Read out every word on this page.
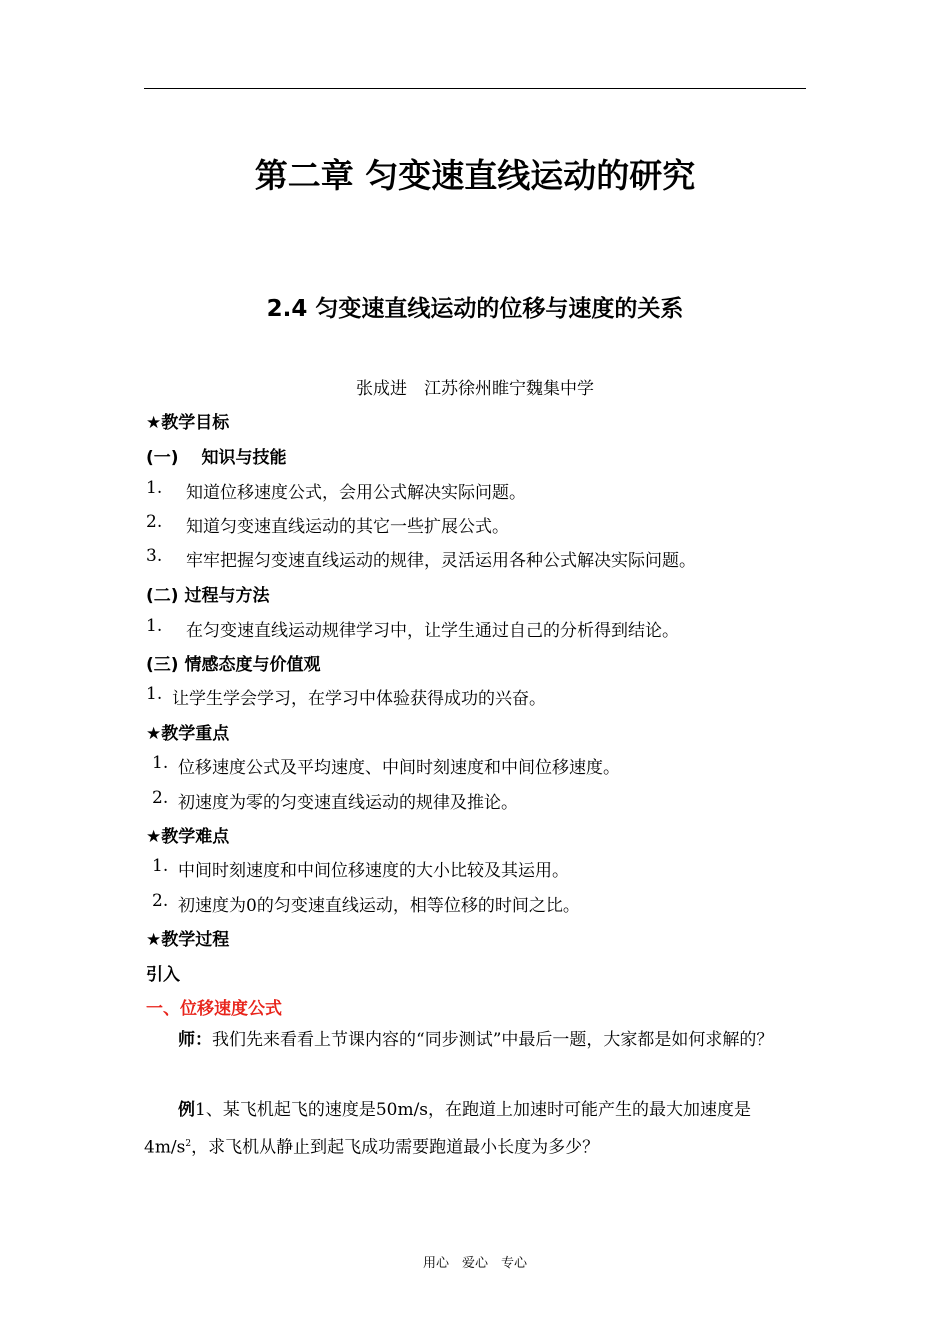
第二章 匀变速直线运动的研究
2.4 匀变速直线运动的位移与速度的关系
张成进　江苏徐州睢宁魏集中学
★教学目标
(一)　 知识与技能
1. 知道位移速度公式，会用公式解决实际问题。
2. 知道匀变速直线运动的其它一些扩展公式。
3. 牢牢把握匀变速直线运动的规律，灵活运用各种公式解决实际问题。
(二) 过程与方法
1. 在匀变速直线运动规律学习中，让学生通过自己的分析得到结论。
(三) 情感态度与价值观
1. 让学生学会学习，在学习中体验获得成功的兴奋。
★教学重点
1. 位移速度公式及平均速度、中间时刻速度和中间位移速度。
2. 初速度为零的匀变速直线运动的规律及推论。
★教学难点
1. 中间时刻速度和中间位移速度的大小比较及其运用。
2. 初速度为0的匀变速直线运动，相等位移的时间之比。
★教学过程
引入
一、位移速度公式
师：我们先来看看上节课内容的“同步测试”中最后一题，大家都是如何求解的？
例1、某飞机起飞的速度是50m/s，在跑道上加速时可能产生的最大加速度是$4m/s^2$，求飞机从静止到起飞成功需要跑道最小长度为多少？
用心　爱心　专心
